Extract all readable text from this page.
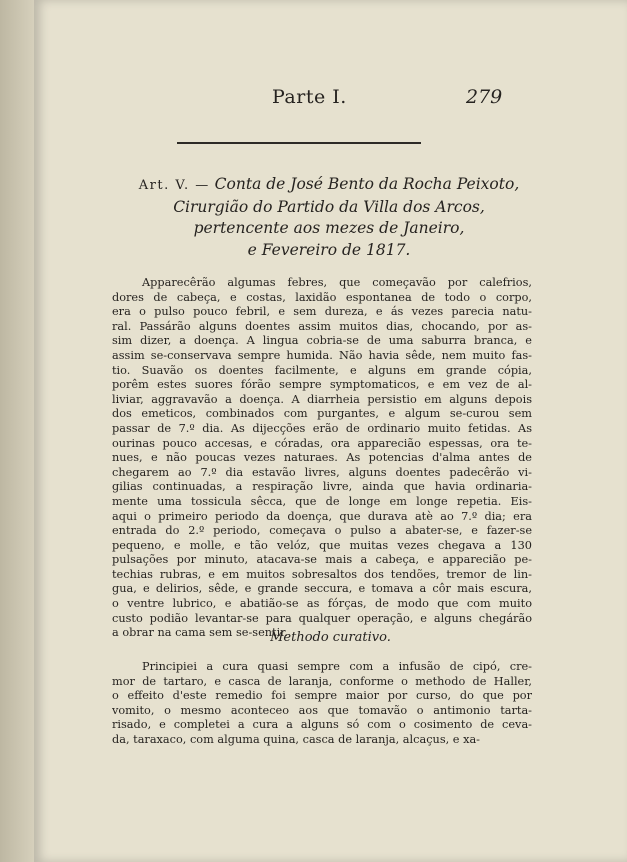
Parte I.	279
Art. V. — Conta de José Bento da Rocha Peixoto,
Cirurgião do Partido da Villa dos Arcos,
pertencente aos mezes de Janeiro,
e Fevereiro de 1817.

Apparecêrão algumas febres, que começavão por calefrios,
dores de cabeça, e costas, laxidão espontanea de todo o corpo,
era o pulso pouco febril, e sem dureza, e ás vezes parecia natu-
ral. Passárão alguns doentes assim muitos dias, chocando, por as-
sim dizer, a doença. A lingua cobria-se de uma saburra branca, e
assim se-conservava sempre humida. Não havia sêde, nem muito fas-
tio. Suavão os doentes facilmente, e alguns em grande cópia,
porêm estes suores fórão sempre symptomaticos, e em vez de al-
liviar, aggravavão a doença. A diarrheia persistio em alguns depois
dos emeticos, combinados com purgantes, e algum se-curou sem
passar de 7.º dia. As dijecções erão de ordinario muito fetidas. As
ourinas pouco accesas, e córadas, ora apparecião espessas, ora te-
nues, e não poucas vezes naturaes. As potencias d'alma antes de
chegarem ao 7.º dia estavão livres, alguns doentes padecêrão vi-
gilias continuadas, a respiração livre, ainda que havia ordinaria-
mente uma tossicula sêcca, que de longe em longe repetia. Eis-
aqui o primeiro periodo da doença, que durava atè ao 7.º dia; era
entrada do 2.º periodo, começava o pulso a abater-se, e fazer-se
pequeno, e molle, e tão velóz, que muitas vezes chegava a 130
pulsações por minuto, atacava-se mais a cabeça, e apparecião pe-
techias rubras, e em muitos sobresaltos dos tendões, tremor de lin-
gua, e delirios, sêde, e grande seccura, e tomava a côr mais escura,
o ventre lubrico, e abatião-se as fórças, de modo que com muito
custo podião levantar-se para qualquer operação, e alguns chegárão
a obrar na cama sem se-sentir.

Methodo curativo.

Principiei a cura quasi sempre com a infusão de cipó, cre-
mor de tartaro, e casca de laranja, conforme o methodo de Haller,
o effeito d'este remedio foi sempre maior por curso, do que por
vomito, o mesmo aconteceo aos que tomavão o antimonio tarta-
risado, e completei a cura a alguns só com o cosimento de ceva-
da, taraxaco, com alguma quina, casca de laranja, alcaçus, e xa-
